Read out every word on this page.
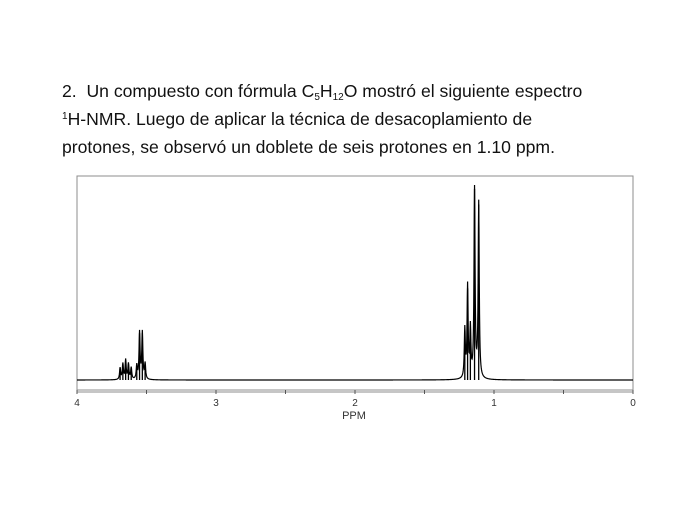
2. Un compuesto con fórmula $C_5H_{12}O$ mostró el siguiente espectro
$^1$H-NMR. Luego de aplicar la técnica de desacoplamiento de
protones, se observó un doblete de seis protones en 1.10 ppm.

4	3	2	1	0
PPM
